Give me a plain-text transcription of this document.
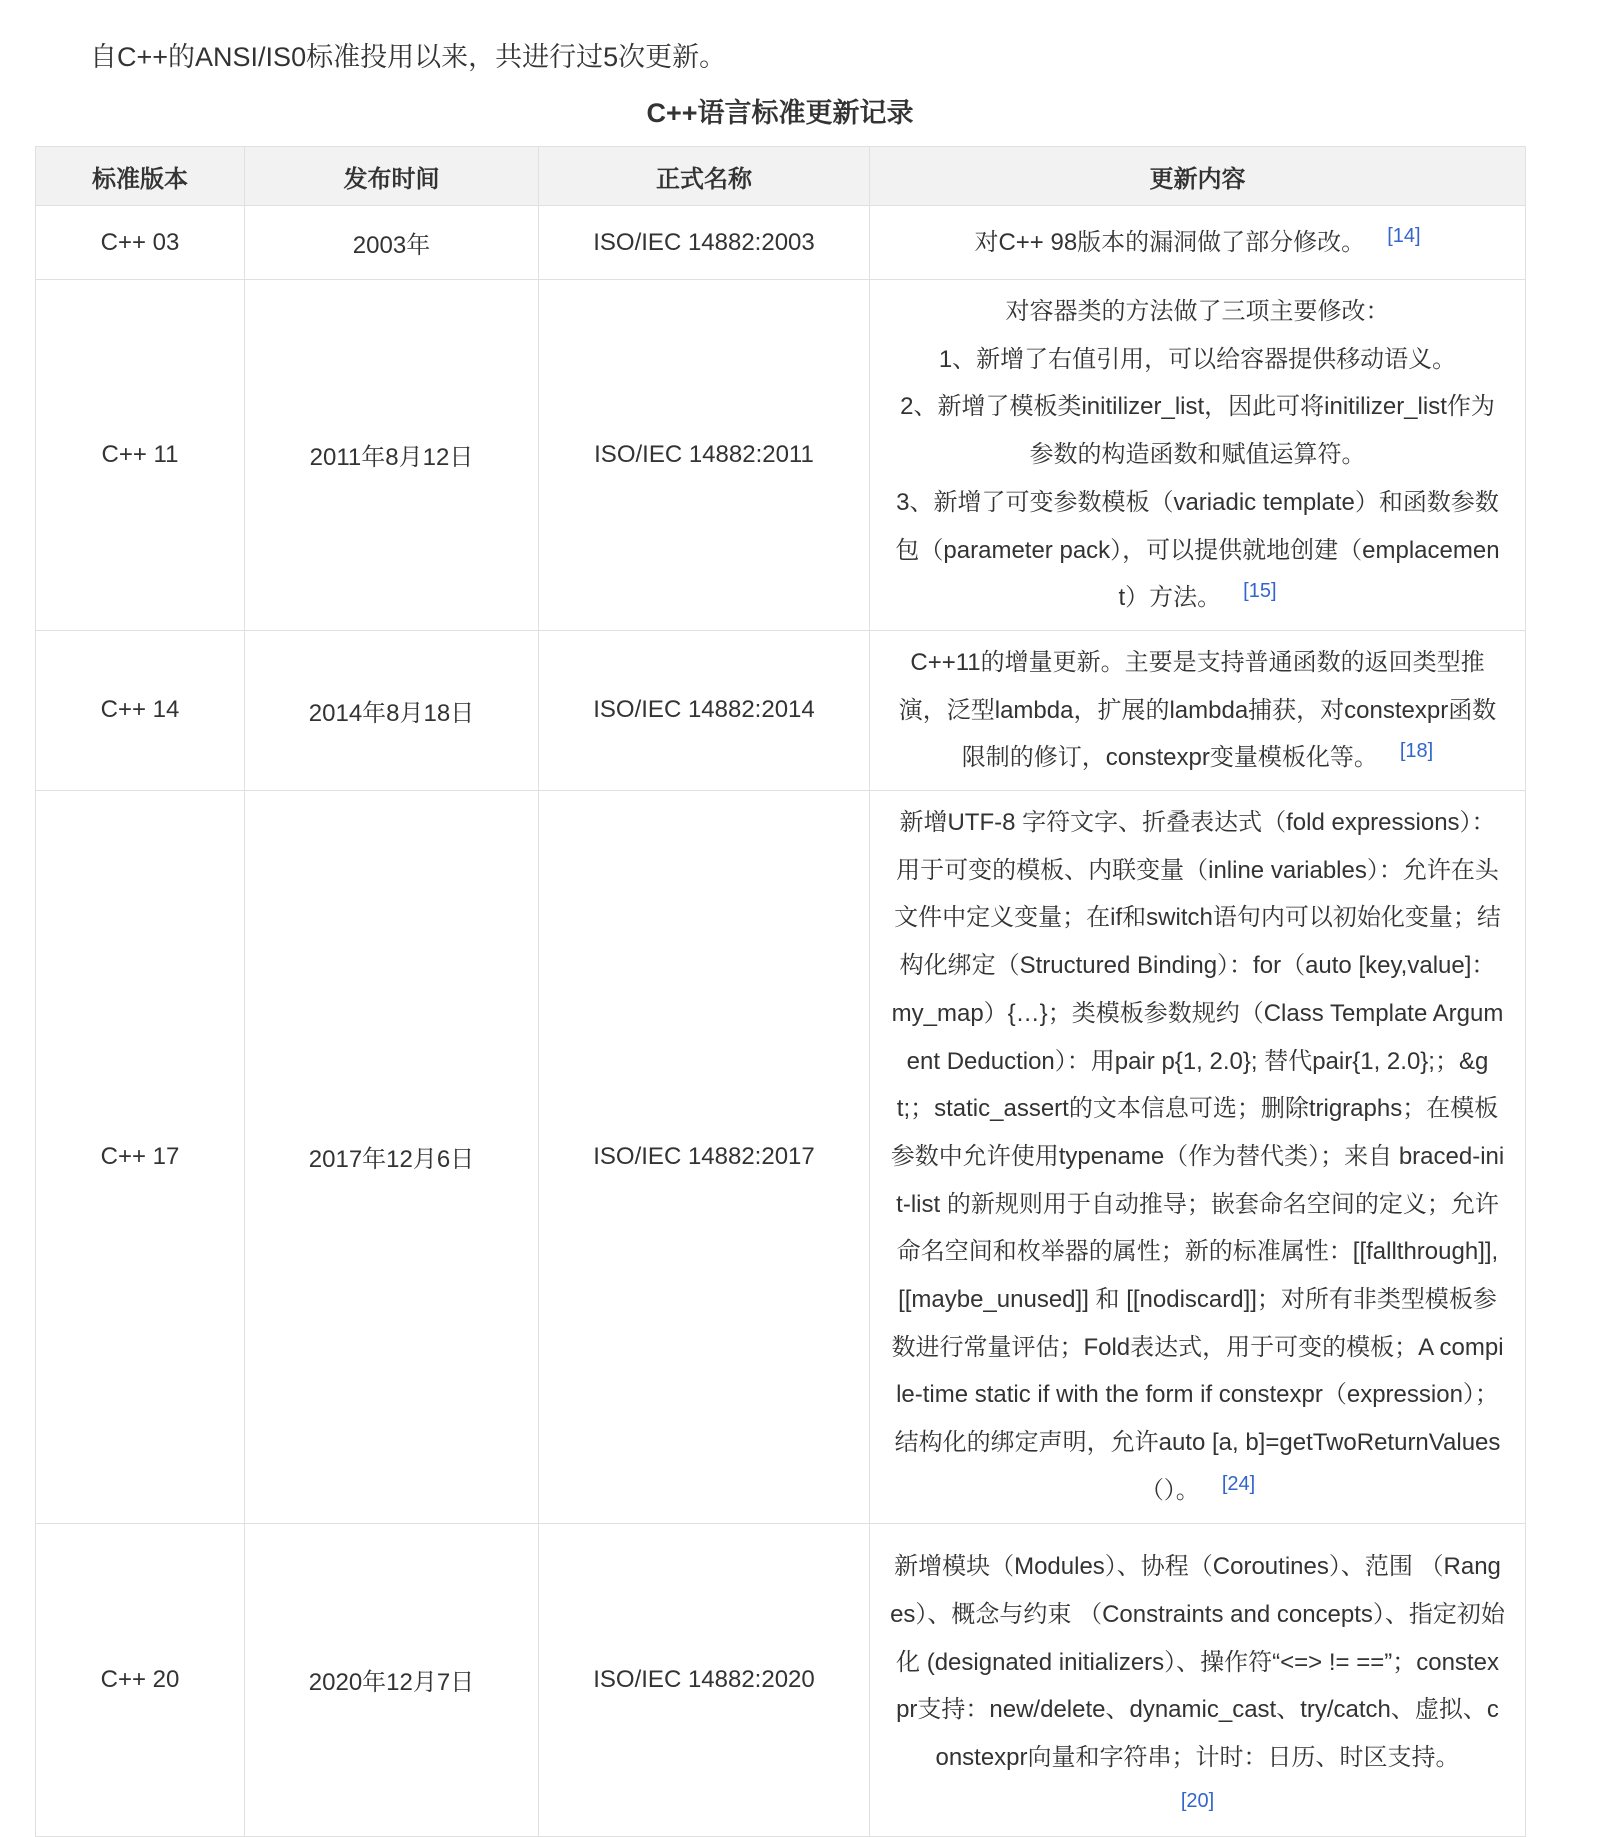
自C++的ANSI/IS0标准投用以来，共进行过5次更新。

C++语言标准更新记录
标准版本	发布时间	正式名称	更新内容
C++ 03	2003年	ISO/IEC 14882:2003	对C++ 98版本的漏洞做了部分修改。 [14]
C++ 11	2011年8月12日	ISO/IEC 14882:2011	对容器类的方法做了三项主要修改：
1、新增了右值引用，可以给容器提供移动语义。
2、新增了模板类initilizer_list，因此可将initilizer_list作为参数的构造函数和赋值运算符。
3、新增了可变参数模板（variadic template）和函数参数包（parameter pack），可以提供就地创建（emplacement）方法。 [15]

C++ 14	2014年8月18日	ISO/IEC 14882:2014	C++11的增量更新。主要是支持普通函数的返回类型推演，泛型lambda，扩展的lambda捕获，对constexpr函数限制的修订，constexpr变量模板化等。 [18]
C++ 17	2017年12月6日	ISO/IEC 14882:2017	新增UTF-8 字符文字、折叠表达式（fold expressions）：用于可变的模板、内联变量（inline variables）：允许在头文件中定义变量；在if和switch语句内可以初始化变量；结构化绑定（Structured Binding）：for（auto [key,value]：my_map）{…}；类模板参数规约（Class Template Argument Deduction）：用pair p{1, 2.0}; 替代pair{1, 2.0};；&gt;；static_assert的文本信息可选；删除trigraphs；在模板参数中允许使用typename（作为替代类）；来自 braced-init-list 的新规则用于自动推导；嵌套命名空间的定义；允许命名空间和枚举器的属性；新的标准属性：[[fallthrough]], [[maybe_unused]] 和 [[nodiscard]]；对所有非类型模板参数进行常量评估；Fold表达式，用于可变的模板；A compile-time static if with the form if constexpr（expression）；结构化的绑定声明，允许auto [a, b]=getTwoReturnValues（）。 [24]
C++ 20	2020年12月7日	ISO/IEC 14882:2020	新增模块（Modules）、协程（Coroutines）、范围 （Ranges）、概念与约束 （Constraints and concepts）、指定初始化 (designated initializers）、操作符“<=> != ==”；constexpr支持：new/delete、dynamic_cast、try/catch、虚拟、constexpr向量和字符串；计时：日历、时区支持。
[20]
